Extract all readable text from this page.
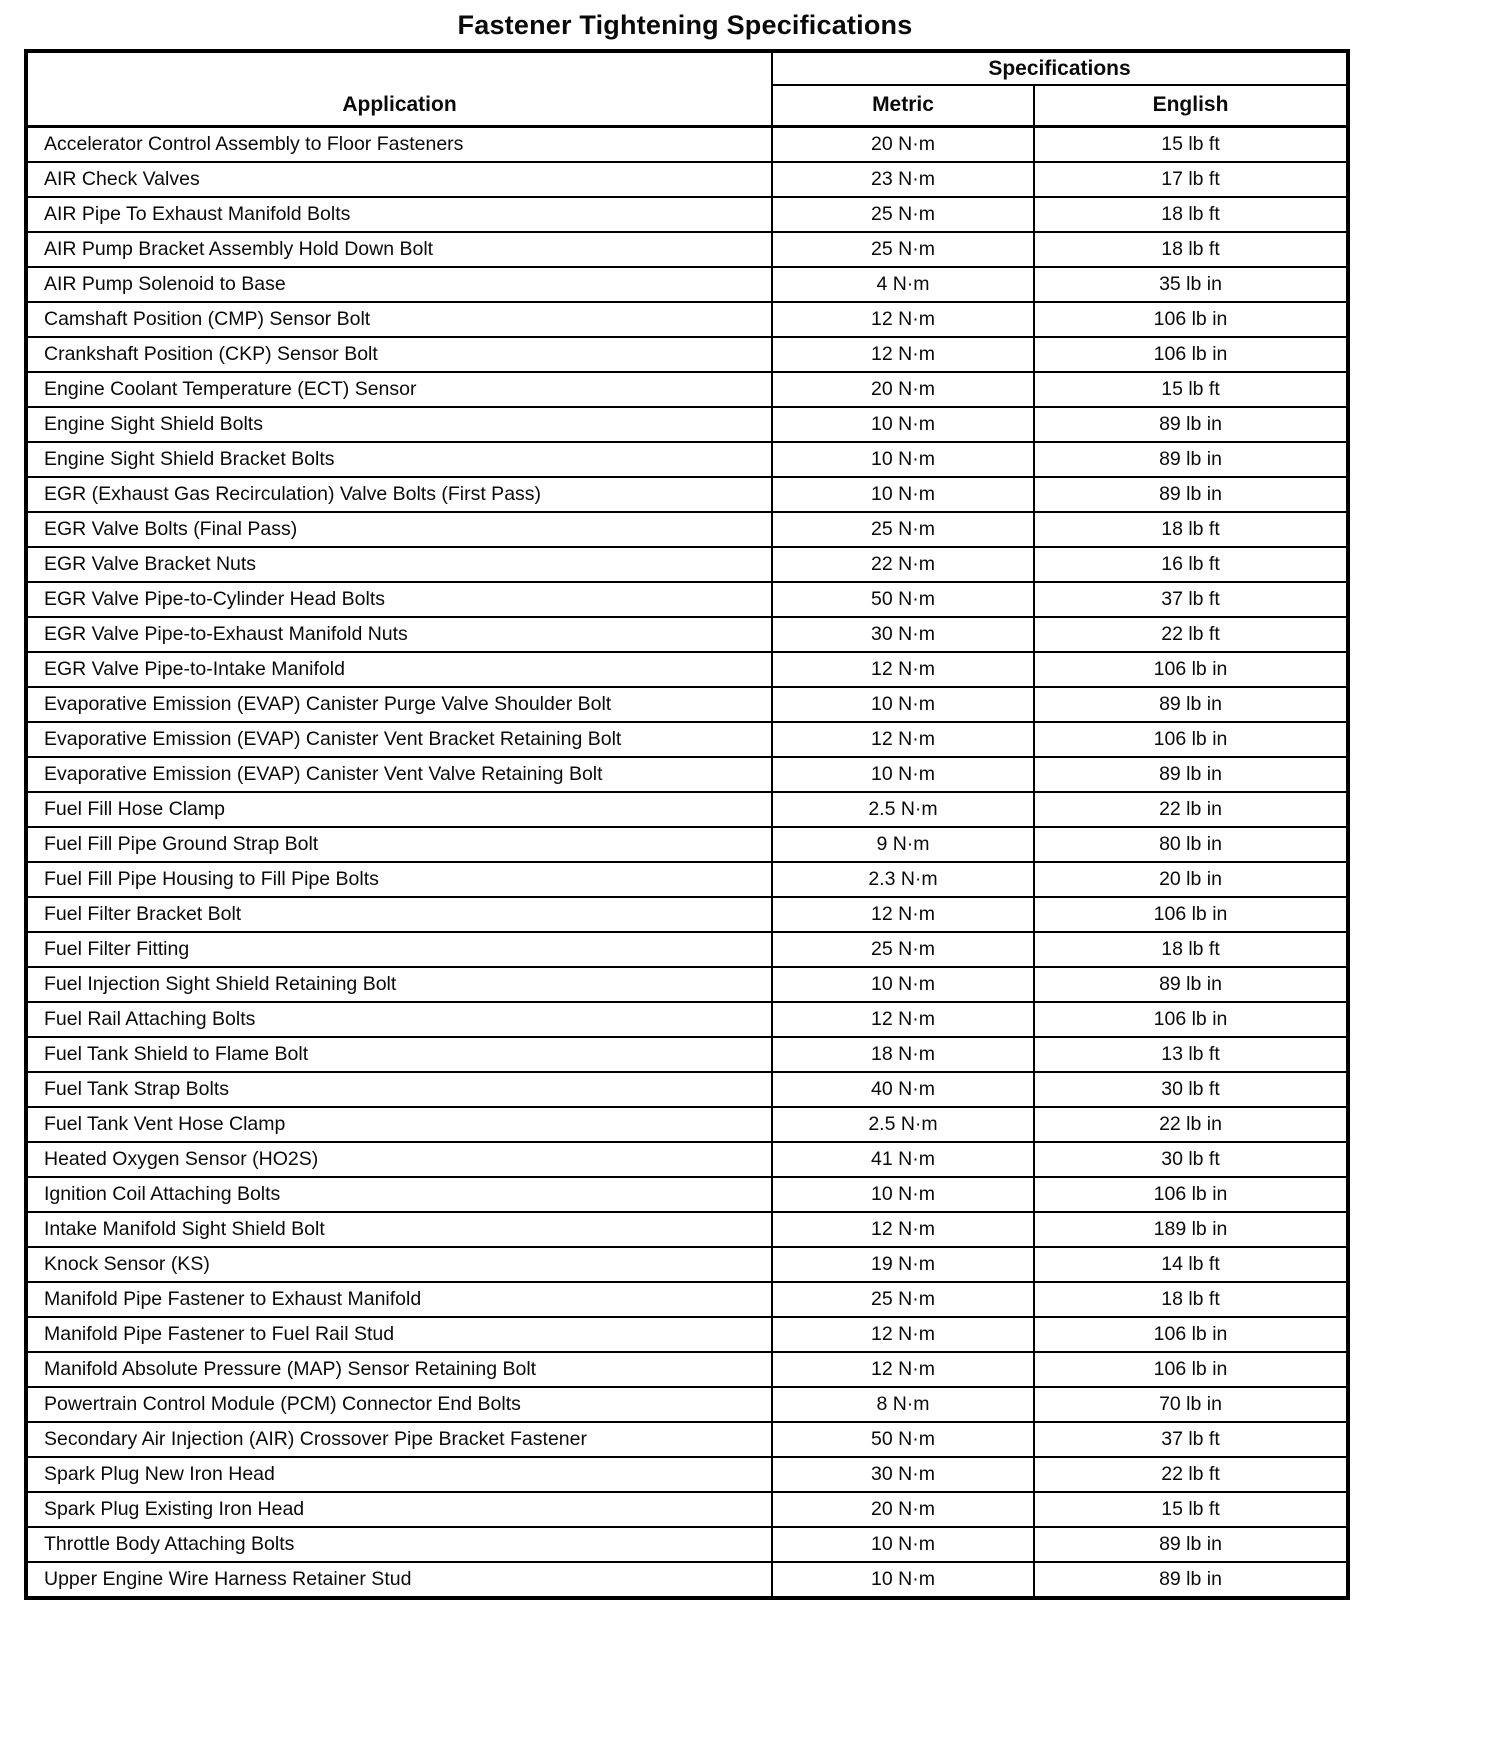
Fastener Tightening Specifications
Application	Specifications	
	Metric	English
Accelerator Control Assembly to Floor Fasteners	20 N·m	15 lb ft
AIR Check Valves	23 N·m	17 lb ft
AIR Pipe To Exhaust Manifold Bolts	25 N·m	18 lb ft
AIR Pump Bracket Assembly Hold Down Bolt	25 N·m	18 lb ft
AIR Pump Solenoid to Base	4 N·m	35 lb in
Camshaft Position (CMP) Sensor Bolt	12 N·m	106 lb in
Crankshaft Position (CKP) Sensor Bolt	12 N·m	106 lb in
Engine Coolant Temperature (ECT) Sensor	20 N·m	15 lb ft
Engine Sight Shield Bolts	10 N·m	89 lb in
Engine Sight Shield Bracket Bolts	10 N·m	89 lb in
EGR (Exhaust Gas Recirculation) Valve Bolts (First Pass)	10 N·m	89 lb in
EGR Valve Bolts (Final Pass)	25 N·m	18 lb ft
EGR Valve Bracket Nuts	22 N·m	16 lb ft
EGR Valve Pipe-to-Cylinder Head Bolts	50 N·m	37 lb ft
EGR Valve Pipe-to-Exhaust Manifold Nuts	30 N·m	22 lb ft
EGR Valve Pipe-to-Intake Manifold	12 N·m	106 lb in
Evaporative Emission (EVAP) Canister Purge Valve Shoulder Bolt	10 N·m	89 lb in
Evaporative Emission (EVAP) Canister Vent Bracket Retaining Bolt	12 N·m	106 lb in
Evaporative Emission (EVAP) Canister Vent Valve Retaining Bolt	10 N·m	89 lb in
Fuel Fill Hose Clamp	2.5 N·m	22 lb in
Fuel Fill Pipe Ground Strap Bolt	9 N·m	80 lb in
Fuel Fill Pipe Housing to Fill Pipe Bolts	2.3 N·m	20 lb in
Fuel Filter Bracket Bolt	12 N·m	106 lb in
Fuel Filter Fitting	25 N·m	18 lb ft
Fuel Injection Sight Shield Retaining Bolt	10 N·m	89 lb in
Fuel Rail Attaching Bolts	12 N·m	106 lb in
Fuel Tank Shield to Flame Bolt	18 N·m	13 lb ft
Fuel Tank Strap Bolts	40 N·m	30 lb ft
Fuel Tank Vent Hose Clamp	2.5 N·m	22 lb in
Heated Oxygen Sensor (HO2S)	41 N·m	30 lb ft
Ignition Coil Attaching Bolts	10 N·m	106 lb in
Intake Manifold Sight Shield Bolt	12 N·m	189 lb in
Knock Sensor (KS)	19 N·m	14 lb ft
Manifold Pipe Fastener to Exhaust Manifold	25 N·m	18 lb ft
Manifold Pipe Fastener to Fuel Rail Stud	12 N·m	106 lb in
Manifold Absolute Pressure (MAP) Sensor Retaining Bolt	12 N·m	106 lb in
Powertrain Control Module (PCM) Connector End Bolts	8 N·m	70 lb in
Secondary Air Injection (AIR) Crossover Pipe Bracket Fastener	50 N·m	37 lb ft
Spark Plug New Iron Head	30 N·m	22 lb ft
Spark Plug Existing Iron Head	20 N·m	15 lb ft
Throttle Body Attaching Bolts	10 N·m	89 lb in
Upper Engine Wire Harness Retainer Stud	10 N·m	89 lb in
